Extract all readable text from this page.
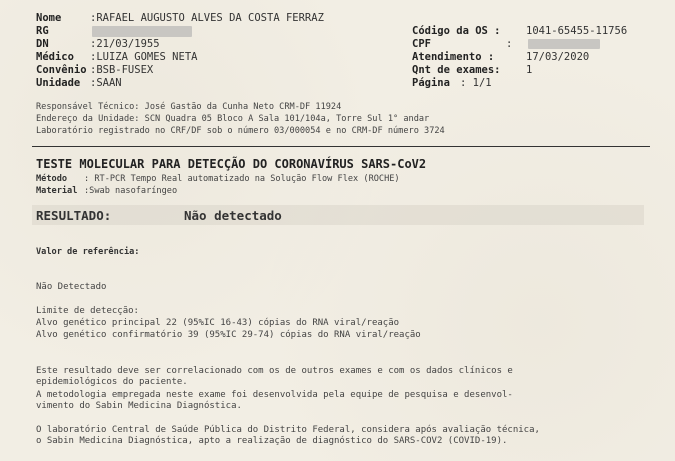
Nome	:RAFAEL AUGUSTO ALVES DA COSTA FERRAZ
RG
DN	:21/03/1955
Médico :LUIZA GOMES NETA
Convênio :BSB-FUSEX
Unidade :SAAN
Código da OS : 1041-65455-11756
CPF	:
Atendimento :	17/03/2020
Qnt de exames: 1
Página : 1/1
Responsável Técnico: José Gastão da Cunha Neto CRM-DF 11924
Endereço da Unidade: SCN Quadra 05 Bloco A Sala 101/104a, Torre Sul 1° andar
Laboratório registrado no CRF/DF sob o número 03/000054 e no CRM-DF número 3724
TESTE MOLECULAR PARA DETECÇÃO DO CORONAVÍRUS SARS-CoV2
Método : RT-PCR Tempo Real automatizado na Solução Flow Flex (ROCHE)
Material :Swab nasofaríngeo
RESULTADO:	Não detectado
Valor de referência:
Não Detectado
Limite de detecção:
Alvo genético principal 22 (95%IC 16-43) cópias do RNA viral/reação
Alvo genético confirmatório 39 (95%IC 29-74) cópias do RNA viral/reação
Este resultado deve ser correlacionado com os de outros exames e com os dados clínicos e
epidemiológicos do paciente.
A metodologia empregada neste exame foi desenvolvida pela equipe de pesquisa e desenvol-
vimento do Sabin Medicina Diagnóstica.
O laboratório Central de Saúde Pública do Distrito Federal, considera após avaliação técnica,
o Sabin Medicina Diagnóstica, apto a realização de diagnóstico do SARS-COV2 (COVID-19).
